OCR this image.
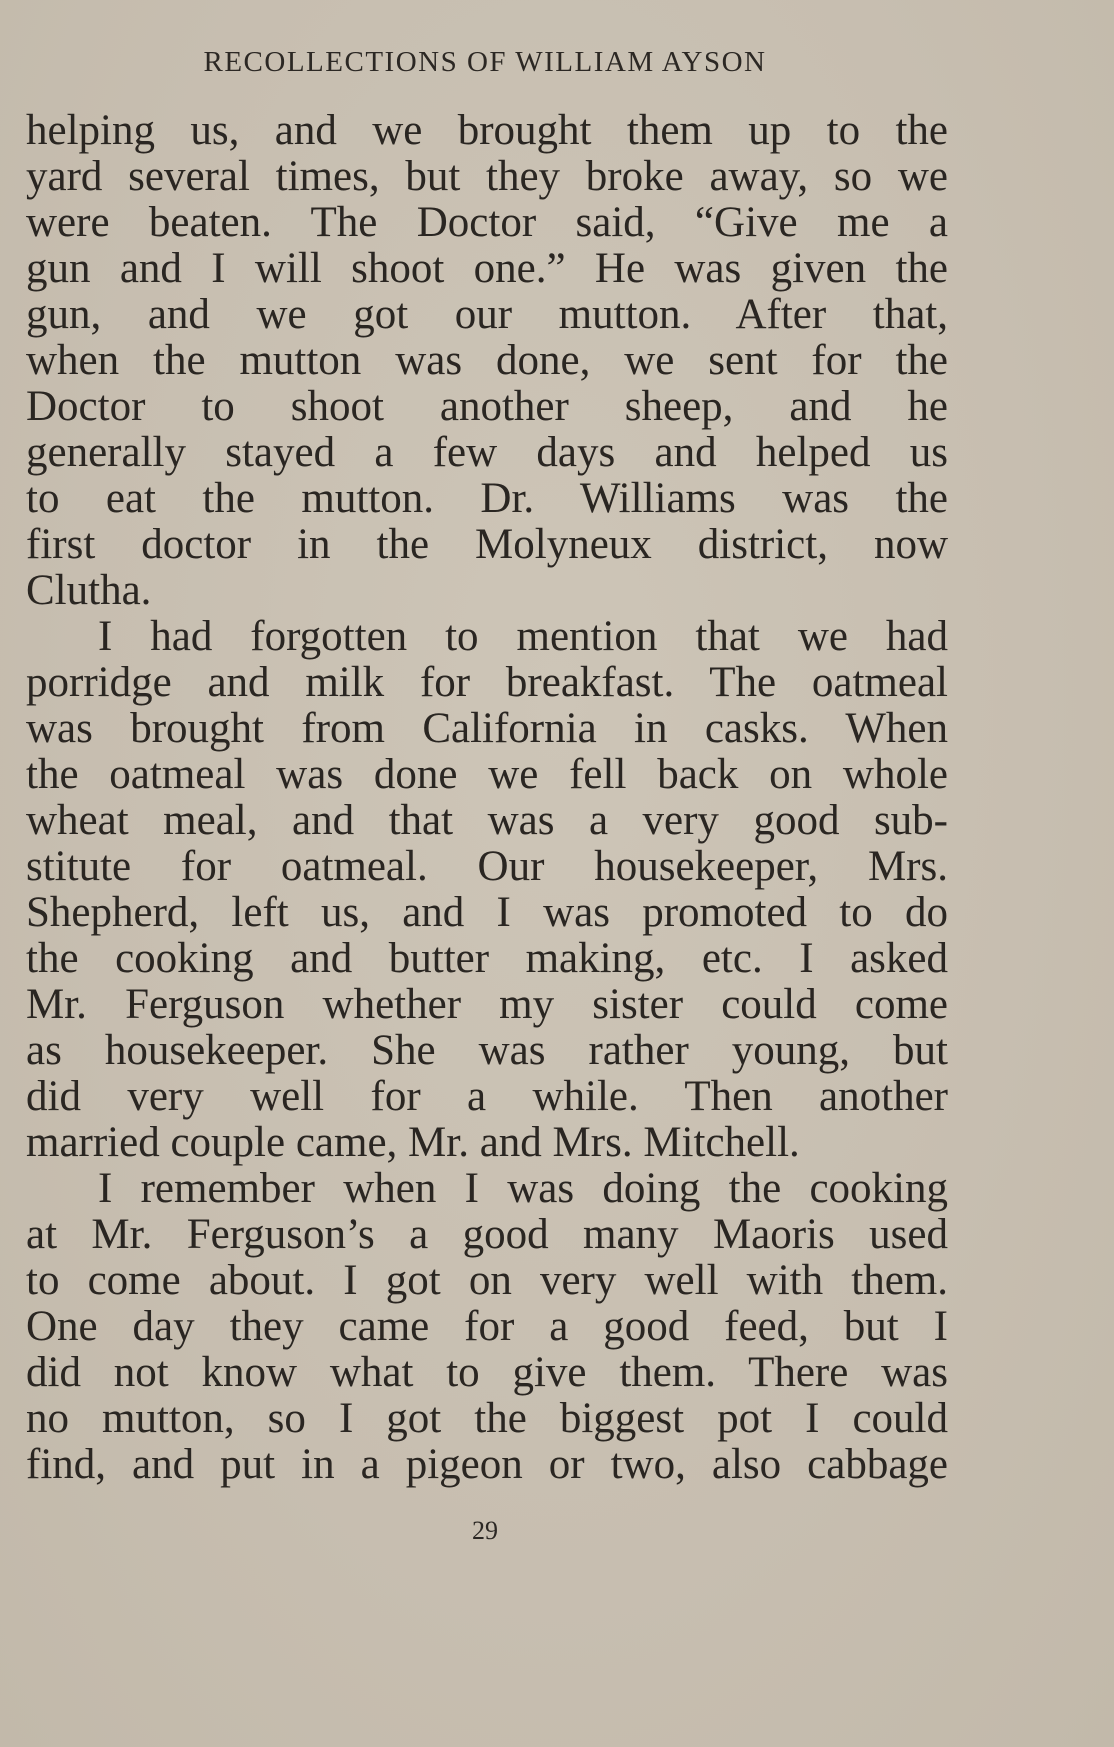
RECOLLECTIONS OF WILLIAM AYSON
helping us, and we brought them up to the
yard several times, but they broke away, so we
were beaten. The Doctor said, “Give me a
gun and I will shoot one.” He was given the
gun, and we got our mutton. After that,
when the mutton was done, we sent for the
Doctor to shoot another sheep, and he
generally stayed a few days and helped us
to eat the mutton. Dr. Williams was the
first doctor in the Molyneux district, now
Clutha.
I had forgotten to mention that we had
porridge and milk for breakfast. The oatmeal
was brought from California in casks. When
the oatmeal was done we fell back on whole
wheat meal, and that was a very good sub-
stitute for oatmeal. Our housekeeper, Mrs.
Shepherd, left us, and I was promoted to do
the cooking and butter making, etc. I asked
Mr. Ferguson whether my sister could come
as housekeeper. She was rather young, but
did very well for a while. Then another
married couple came, Mr. and Mrs. Mitchell.
I remember when I was doing the cooking
at Mr. Ferguson’s a good many Maoris used
to come about. I got on very well with them.
One day they came for a good feed, but I
did not know what to give them. There was
no mutton, so I got the biggest pot I could
find, and put in a pigeon or two, also cabbage
29
